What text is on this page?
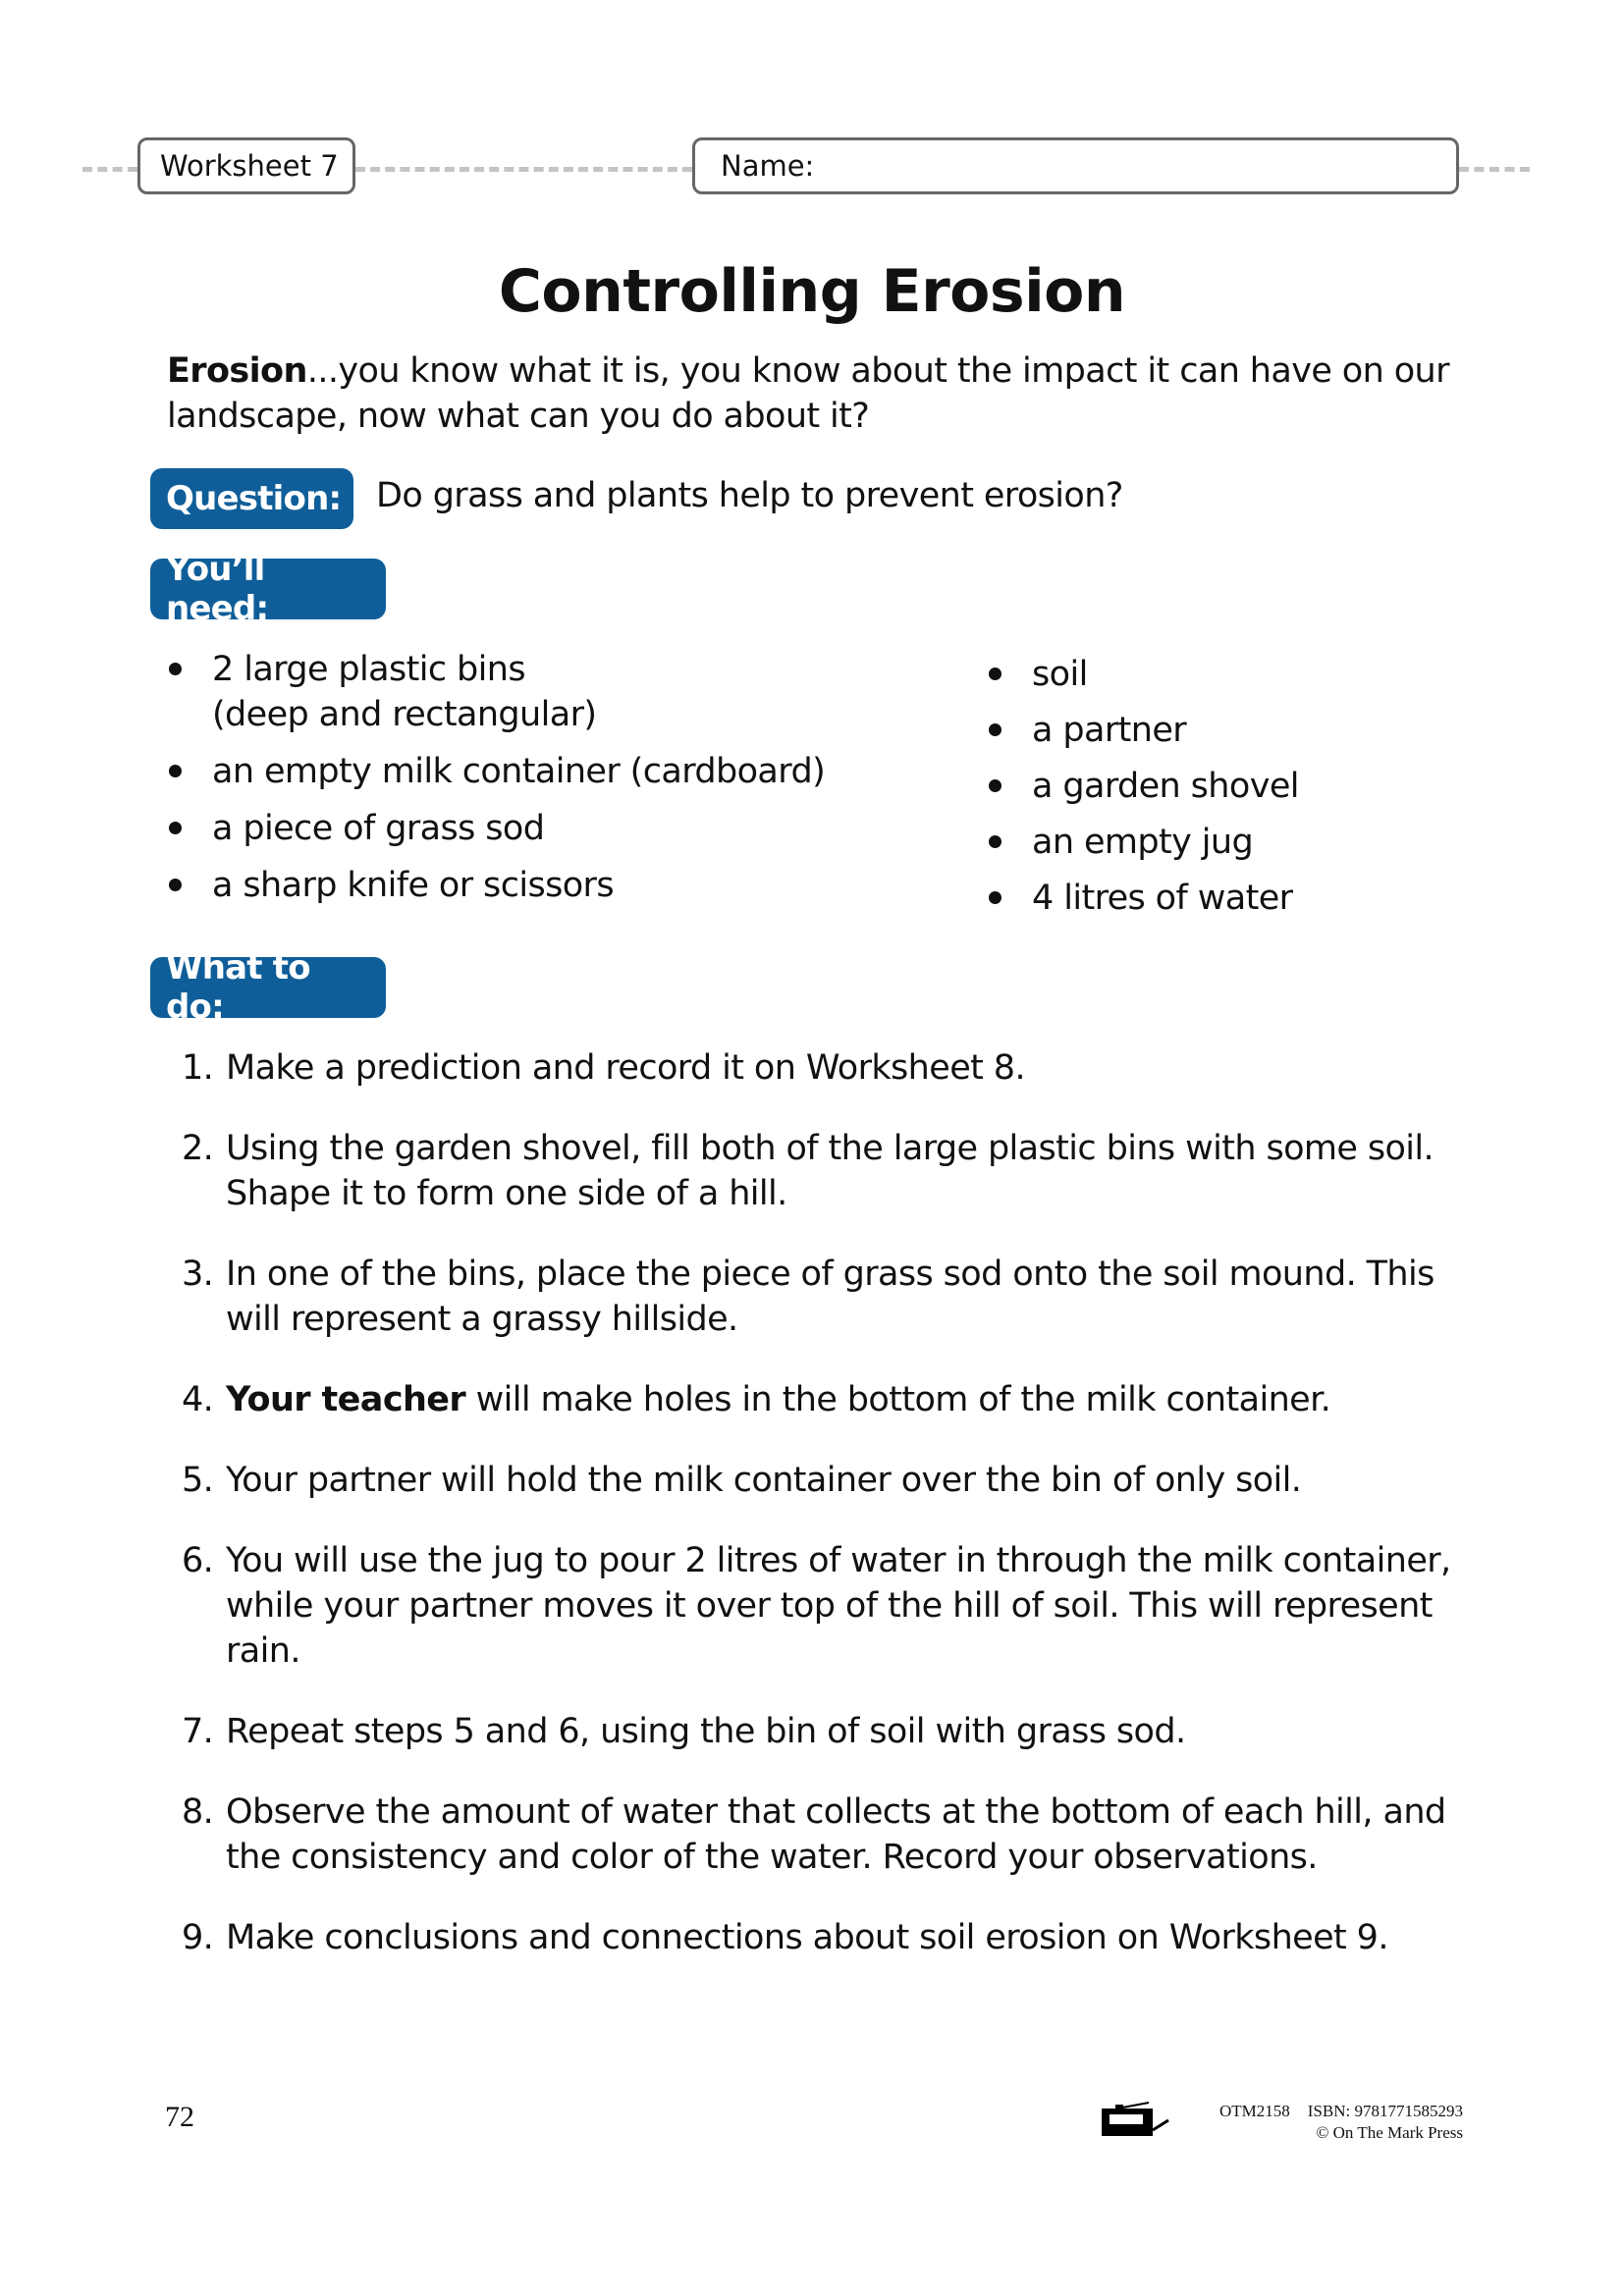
Worksheet 7	Name:
Controlling Erosion
Erosion...you know what it is, you know about the impact it can have on our landscape, now what can you do about it?
Question: Do grass and plants help to prevent erosion?
You’ll need:
2 large plastic bins
(deep and rectangular)
an empty milk container (cardboard)
a piece of grass sod
a sharp knife or scissors
soil
a partner
a garden shovel
an empty jug
4 litres of water
What to do:
1. Make a prediction and record it on Worksheet 8.
2. Using the garden shovel, fill both of the large plastic bins with some soil. Shape it to form one side of a hill.
3. In one of the bins, place the piece of grass sod onto the soil mound. This will represent a grassy hillside.
4. Your teacher will make holes in the bottom of the milk container.
5. Your partner will hold the milk container over the bin of only soil.
6. You will use the jug to pour 2 litres of water in through the milk container, while your partner moves it over top of the hill of soil. This will represent rain.
7. Repeat steps 5 and 6, using the bin of soil with grass sod.
8. Observe the amount of water that collects at the bottom of each hill, and the consistency and color of the water. Record your observations.
9. Make conclusions and connections about soil erosion on Worksheet 9.
72	OTM2158 ISBN: 9781771585293
© On The Mark Press
